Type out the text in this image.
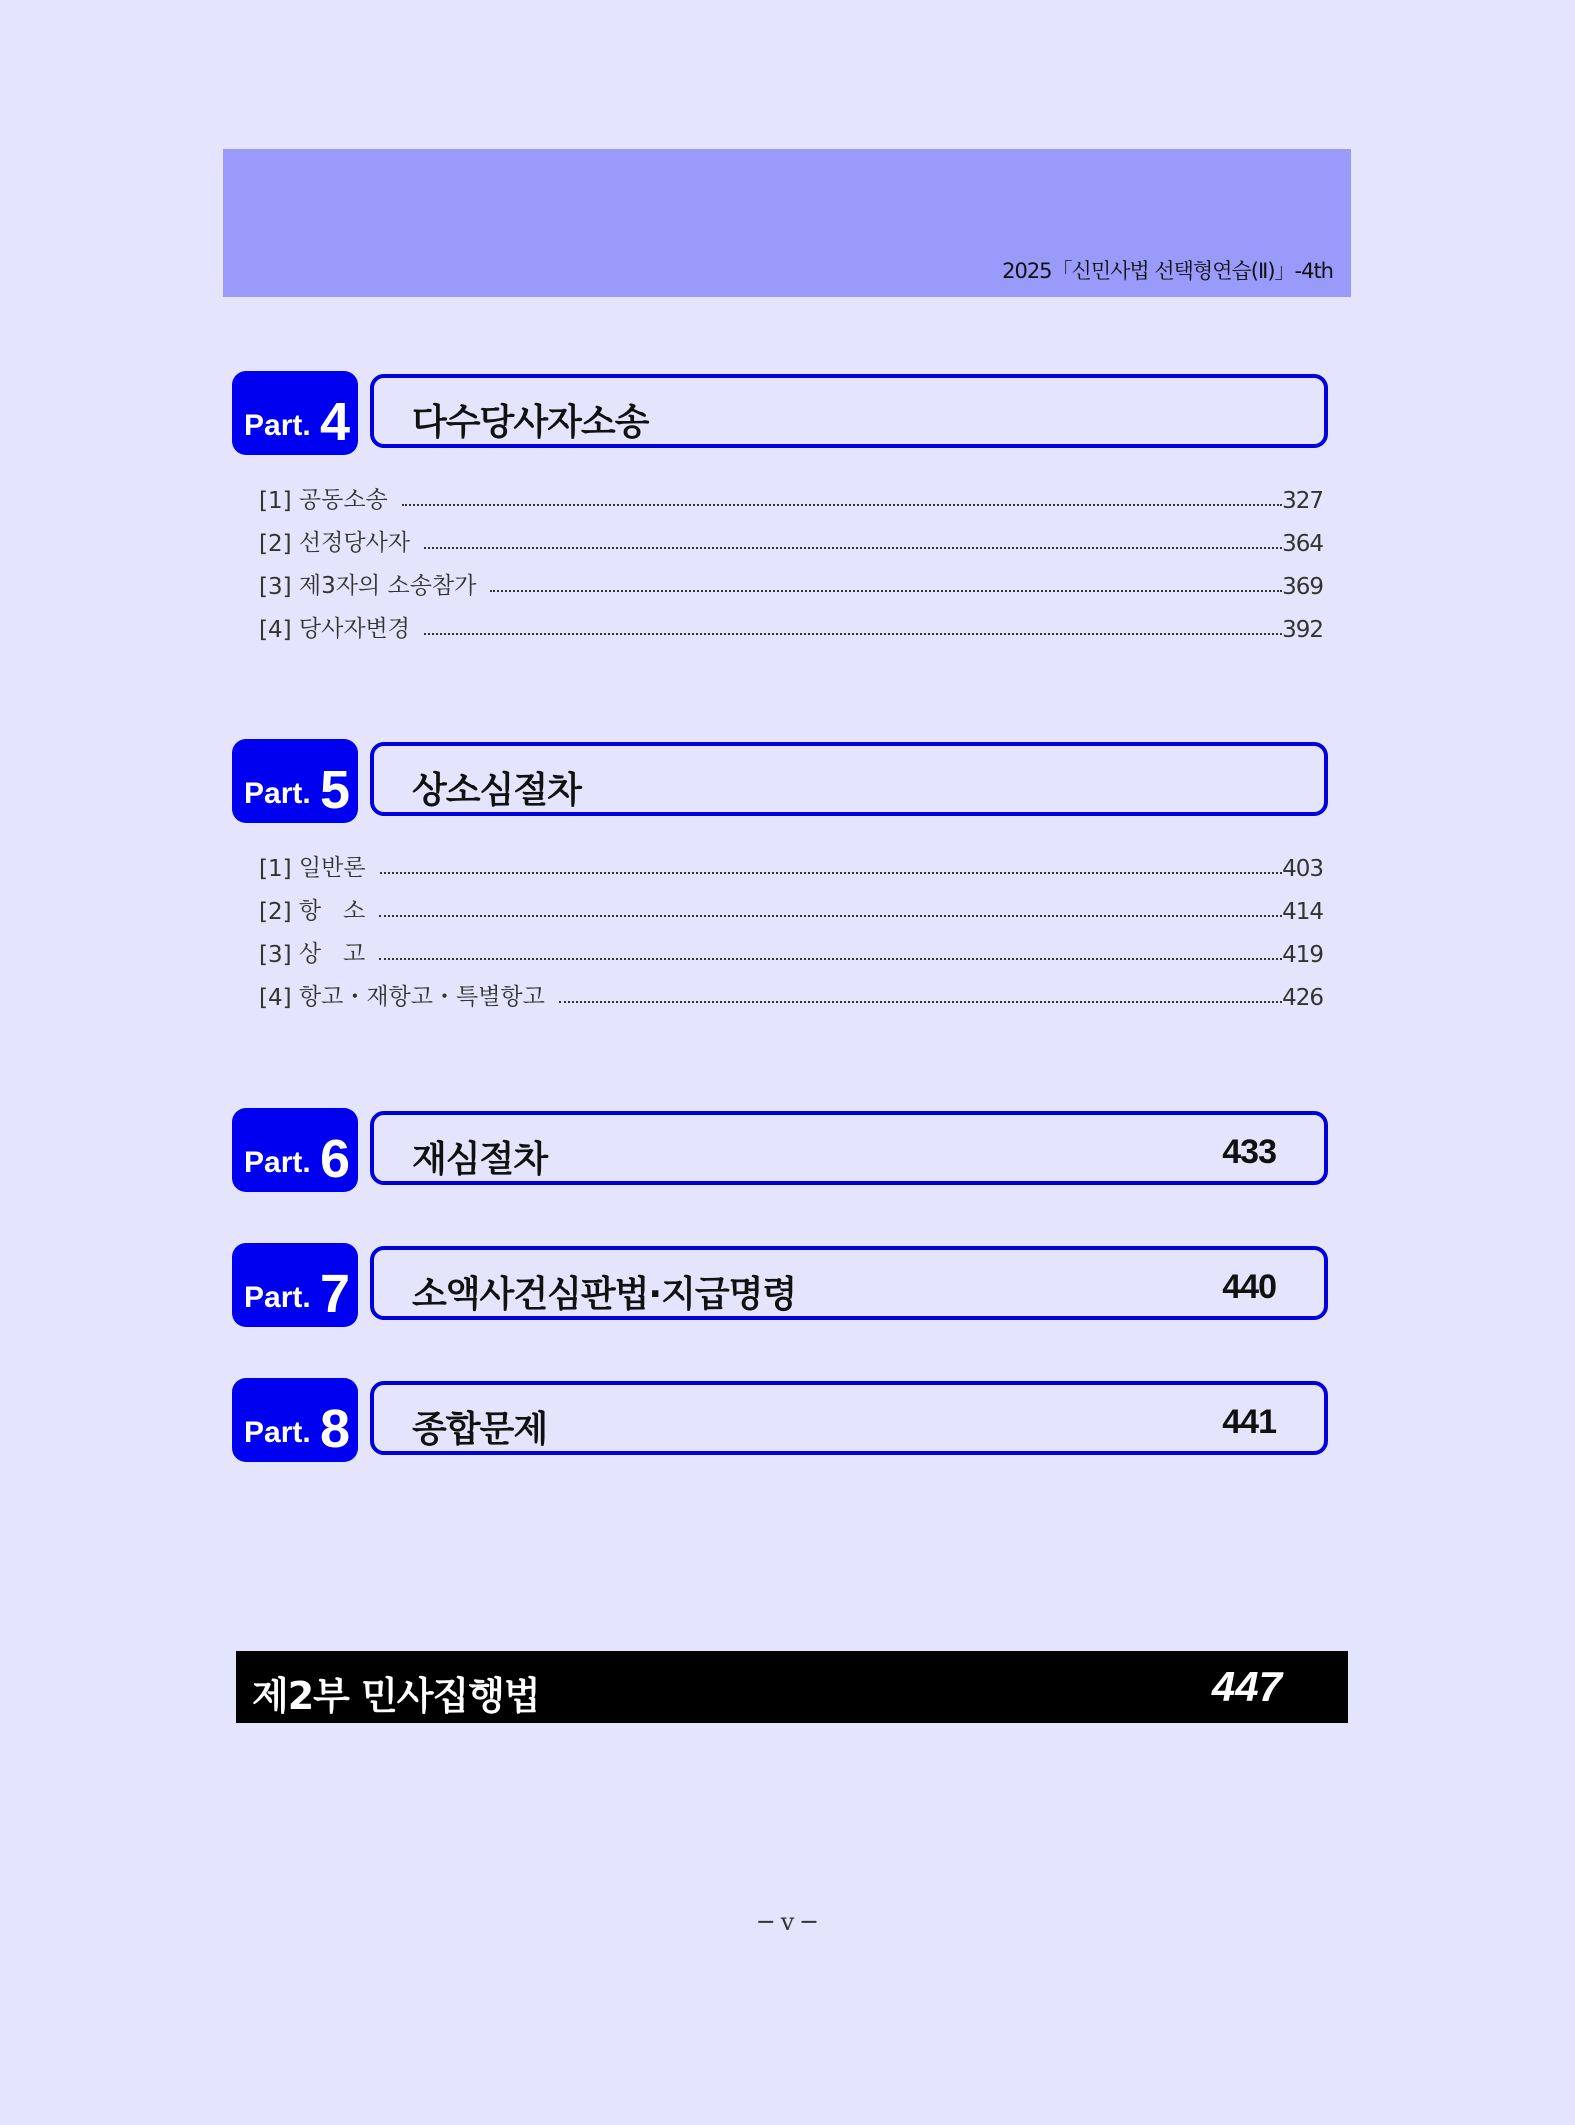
2025「신민사법 선택형연습(Ⅱ)」-4th
Part. 4 다수당사자소송
[1] 공동소송	327
[2] 선정당사자	364
[3] 제3자의 소송참가	369
[4] 당사자변경	392
Part. 5 상소심절차
[1] 일반론	403
[2] 항   소	414
[3] 상   고	419
[4] 항고・재항고・특별항고	426
Part. 6 재심절차	433
Part. 7 소액사건심판법·지급명령	440
Part. 8 종합문제	441
제2부 민사집행법	447
─ v ─
